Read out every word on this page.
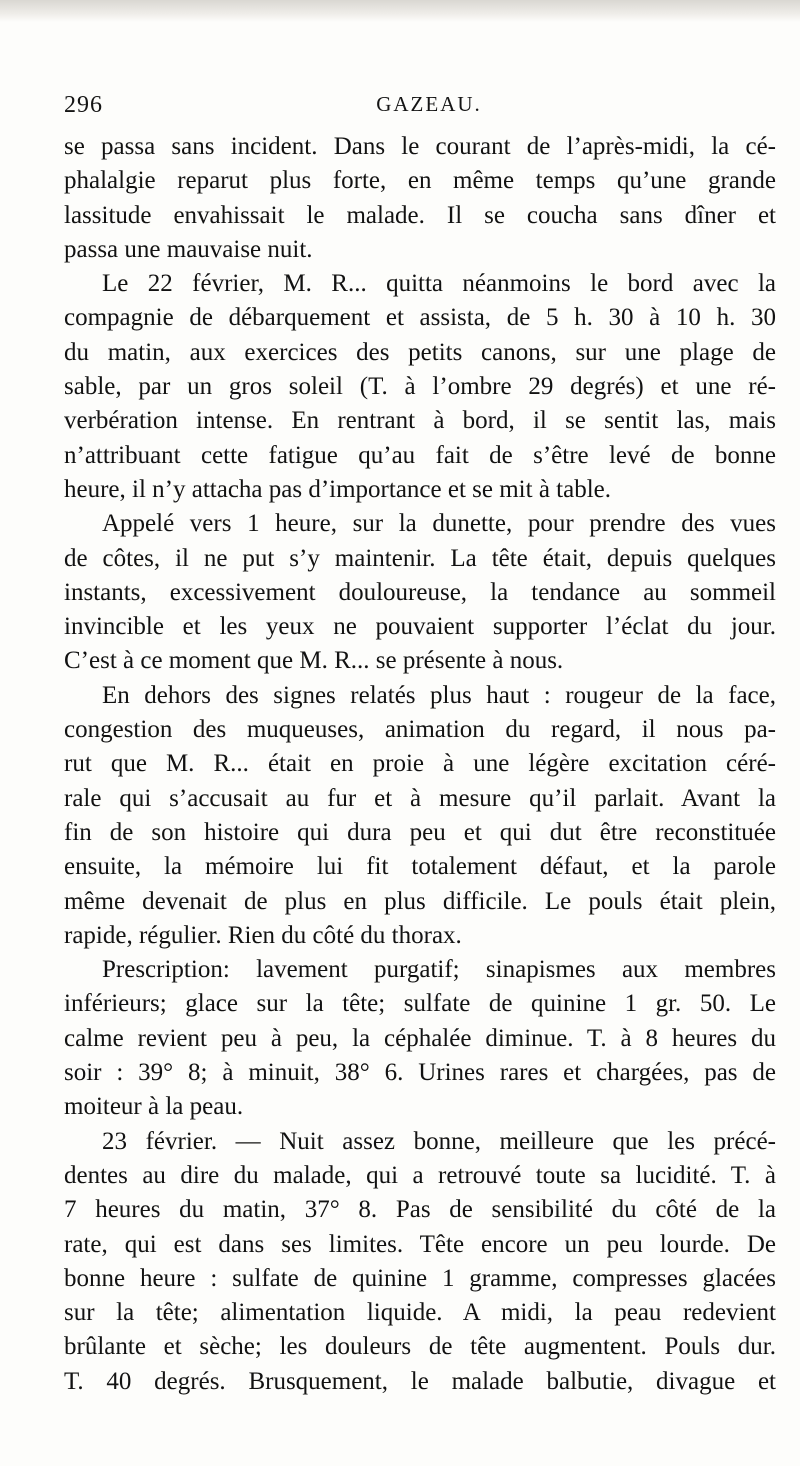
296	GAZEAU.

se passa sans incident. Dans le courant de l’après-midi, la cé-

phalalgie reparut plus forte, en même temps qu’une grande

lassitude envahissait le malade. Il se coucha sans dîner et

passa une mauvaise nuit.

Le 22 février, M. R... quitta néanmoins le bord avec la

compagnie de débarquement et assista, de 5 h. 30 à 10 h. 30

du matin, aux exercices des petits canons, sur une plage de

sable, par un gros soleil (T. à l’ombre 29 degrés) et une ré-

verbération intense. En rentrant à bord, il se sentit las, mais

n’attribuant cette fatigue qu’au fait de s’être levé de bonne

heure, il n’y attacha pas d’importance et se mit à table.

Appelé vers 1 heure, sur la dunette, pour prendre des vues

de côtes, il ne put s’y maintenir. La tête était, depuis quelques

instants, excessivement douloureuse, la tendance au sommeil

invincible et les yeux ne pouvaient supporter l’éclat du jour.

C’est à ce moment que M. R... se présente à nous.

En dehors des signes relatés plus haut : rougeur de la face,

congestion des muqueuses, animation du regard, il nous pa-

rut que M. R... était en proie à une légère excitation céré-

rale qui s’accusait au fur et à mesure qu’il parlait. Avant la

fin de son histoire qui dura peu et qui dut être reconstituée

ensuite, la mémoire lui fit totalement défaut, et la parole

même devenait de plus en plus difficile. Le pouls était plein,

rapide, régulier. Rien du côté du thorax.

Prescription: lavement purgatif; sinapismes aux membres

inférieurs; glace sur la tête; sulfate de quinine 1 gr. 50. Le

calme revient peu à peu, la céphalée diminue. T. à 8 heures du

soir : 39° 8; à minuit, 38° 6. Urines rares et chargées, pas de

moiteur à la peau.

23 février. — Nuit assez bonne, meilleure que les précé-

dentes au dire du malade, qui a retrouvé toute sa lucidité. T. à

7 heures du matin, 37° 8. Pas de sensibilité du côté de la

rate, qui est dans ses limites. Tête encore un peu lourde. De

bonne heure : sulfate de quinine 1 gramme, compresses glacées

sur la tête; alimentation liquide. A midi, la peau redevient

brûlante et sèche; les douleurs de tête augmentent. Pouls dur.

T. 40 degrés. Brusquement, le malade balbutie, divague et
